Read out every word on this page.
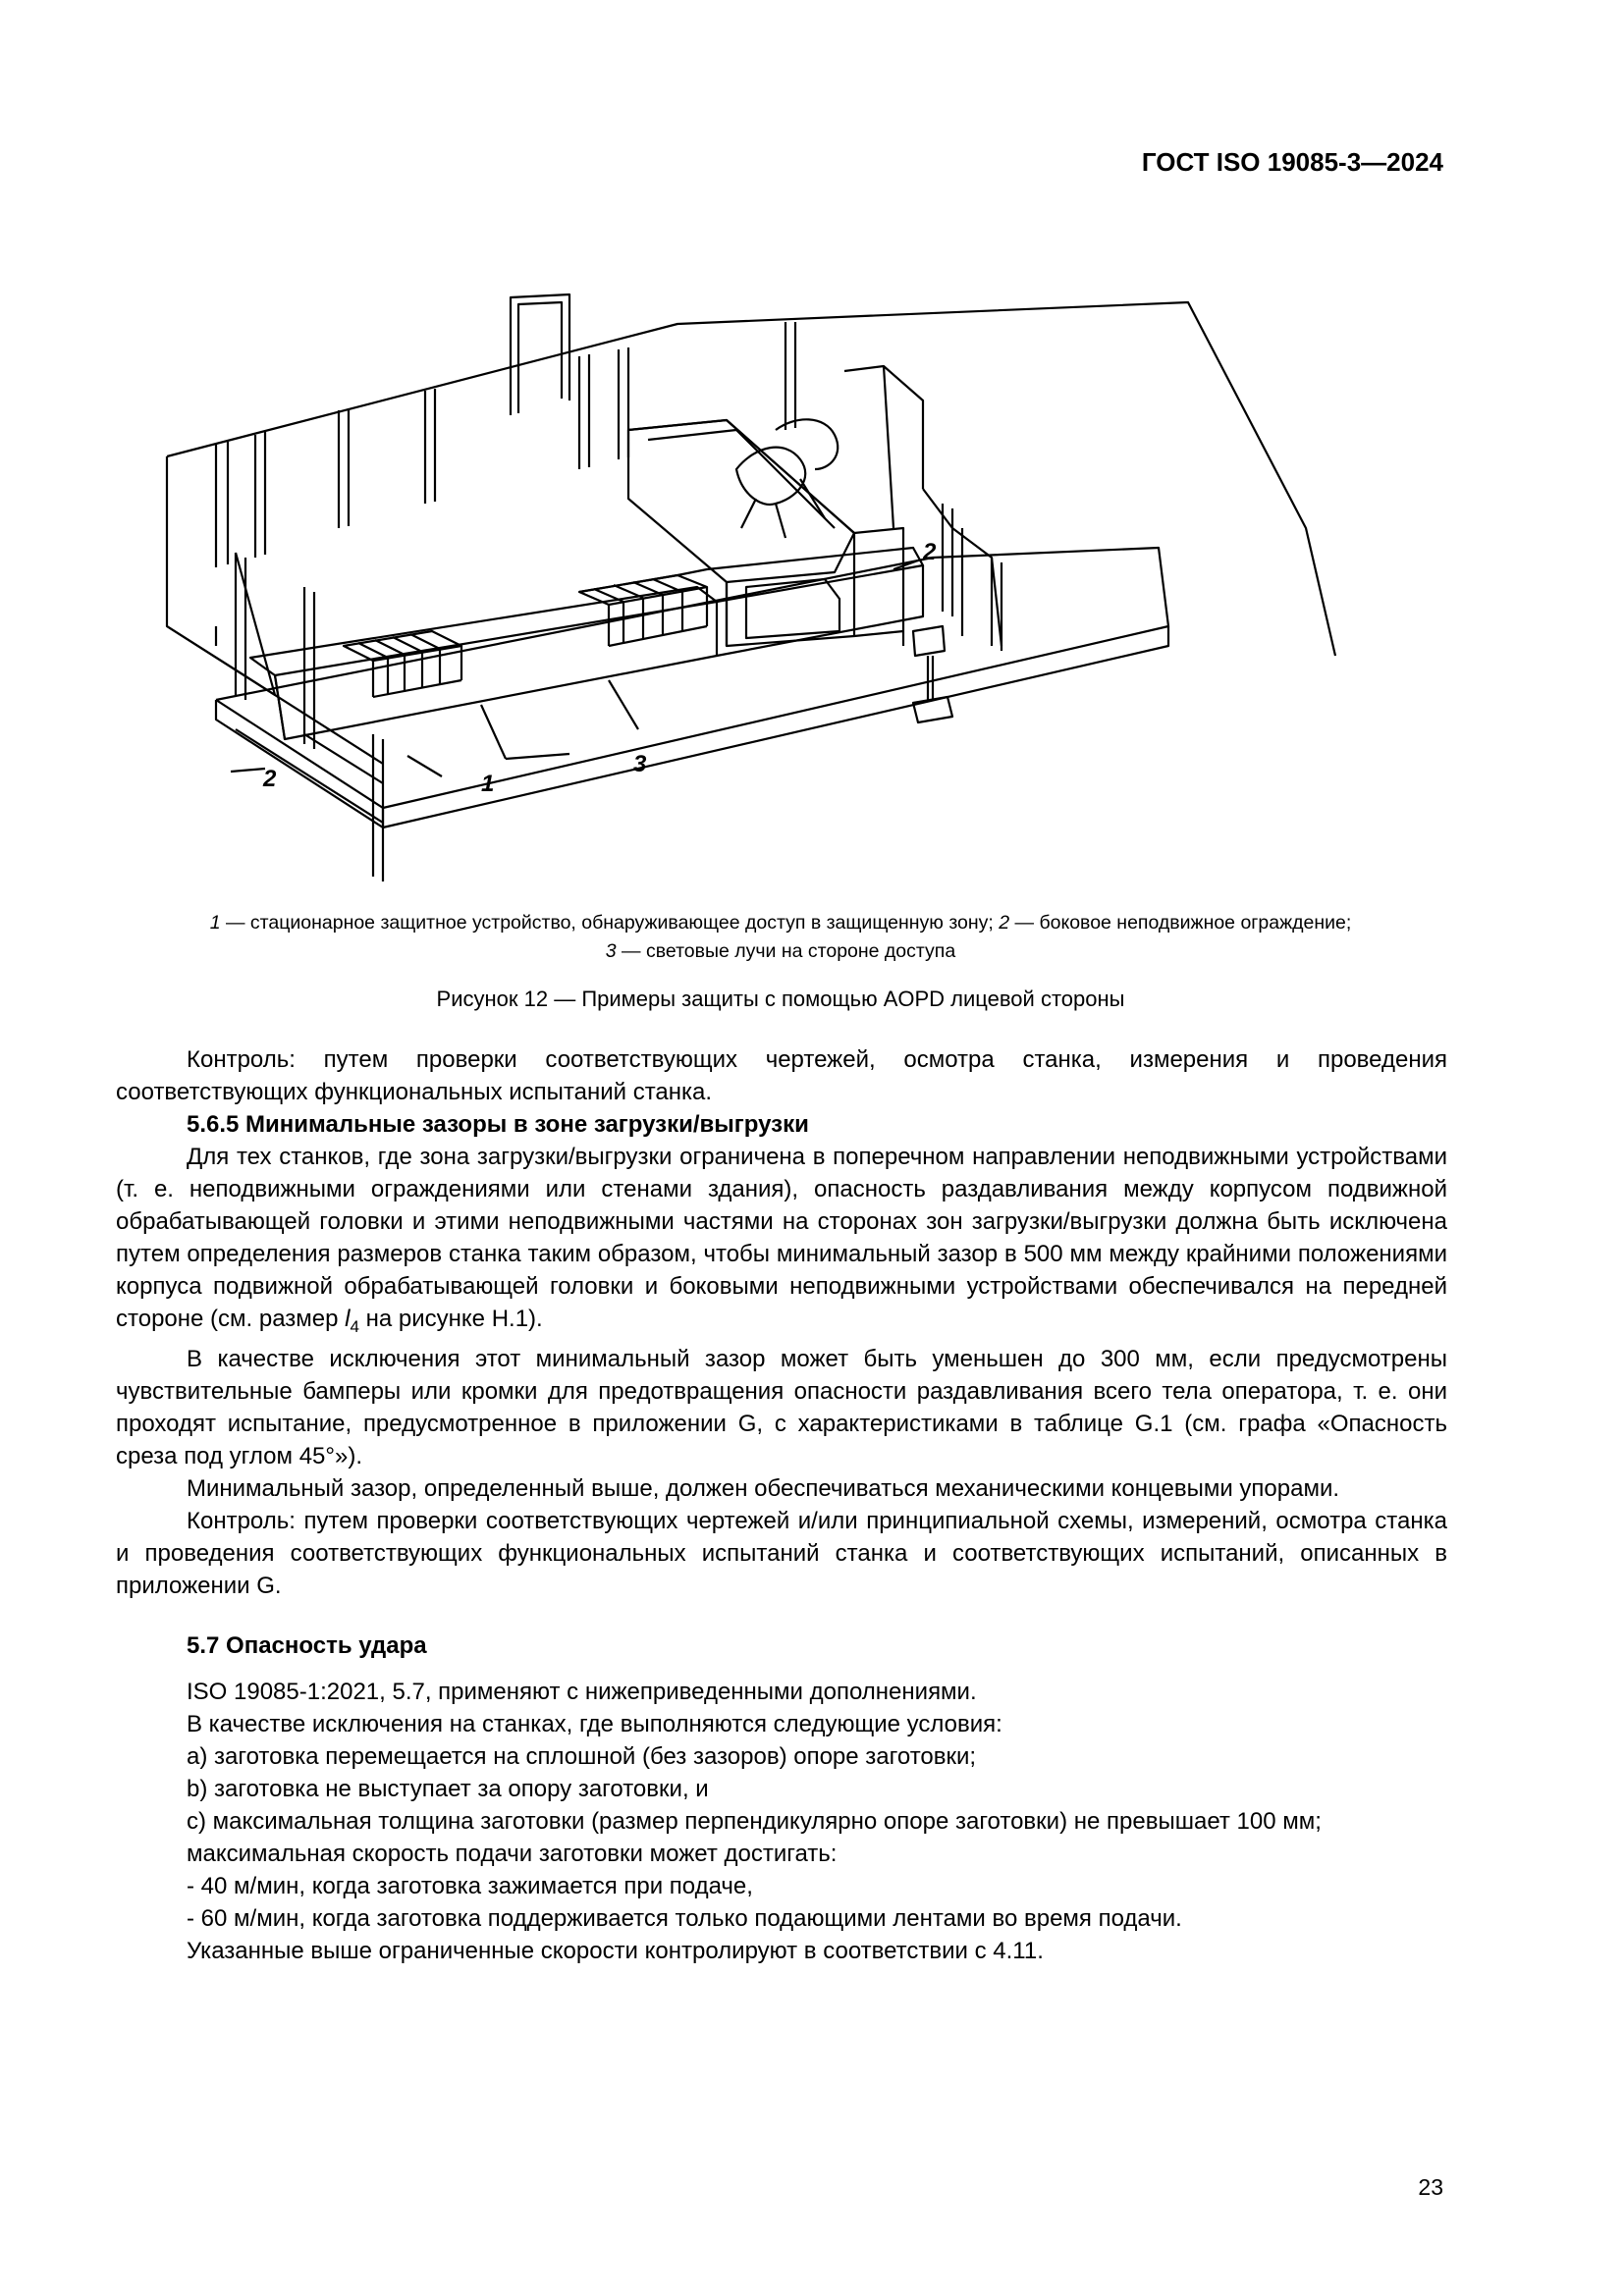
ГОСТ ISO 19085-3—2024
2	1
3
2
1 — стационарное защитное устройство, обнаруживающее доступ в защищенную зону; 2 — боковое неподвижное ограждение;
3 — световые лучи на стороне доступа
Рисунок 12 — Примеры защиты с помощью AOPD лицевой стороны

Контроль: путем проверки соответствующих чертежей, осмотра станка, измерения и проведения соответствующих функциональных испытаний станка.

5.6.5 Минимальные зазоры в зоне загрузки/выгрузки

Для тех станков, где зона загрузки/выгрузки ограничена в поперечном направлении неподвижными устройствами (т. е. неподвижными ограждениями или стенами здания), опасность раздавливания между корпусом подвижной обрабатывающей головки и этими неподвижными частями на сторонах зон загрузки/выгрузки должна быть исключена путем определения размеров станка таким образом, чтобы минимальный зазор в 500 мм между крайними положениями корпуса подвижной обрабатывающей головки и боковыми неподвижными устройствами обеспечивался на передней стороне (см. размер $l_4$ на рисунке H.1).

В качестве исключения этот минимальный зазор может быть уменьшен до 300 мм, если предусмотрены чувствительные бамперы или кромки для предотвращения опасности раздавливания всего тела оператора, т. е. они проходят испытание, предусмотренное в приложении G, с характеристиками в таблице G.1 (см. графа «Опасность среза под углом 45°»).

Минимальный зазор, определенный выше, должен обеспечиваться механическими концевыми упорами.

Контроль: путем проверки соответствующих чертежей и/или принципиальной схемы, измерений, осмотра станка и проведения соответствующих функциональных испытаний станка и соответствующих испытаний, описанных в приложении G.

5.7 Опасность удара

ISO 19085-1:2021, 5.7, применяют с нижеприведенными дополнениями.

В качестве исключения на станках, где выполняются следующие условия:

a) заготовка перемещается на сплошной (без зазоров) опоре заготовки;

b) заготовка не выступает за опору заготовки, и

c) максимальная толщина заготовки (размер перпендикулярно опоре заготовки) не превышает 100 мм;

максимальная скорость подачи заготовки может достигать:

- 40 м/мин, когда заготовка зажимается при подаче,

- 60 м/мин, когда заготовка поддерживается только подающими лентами во время подачи.

Указанные выше ограниченные скорости контролируют в соответствии с 4.11.

23
